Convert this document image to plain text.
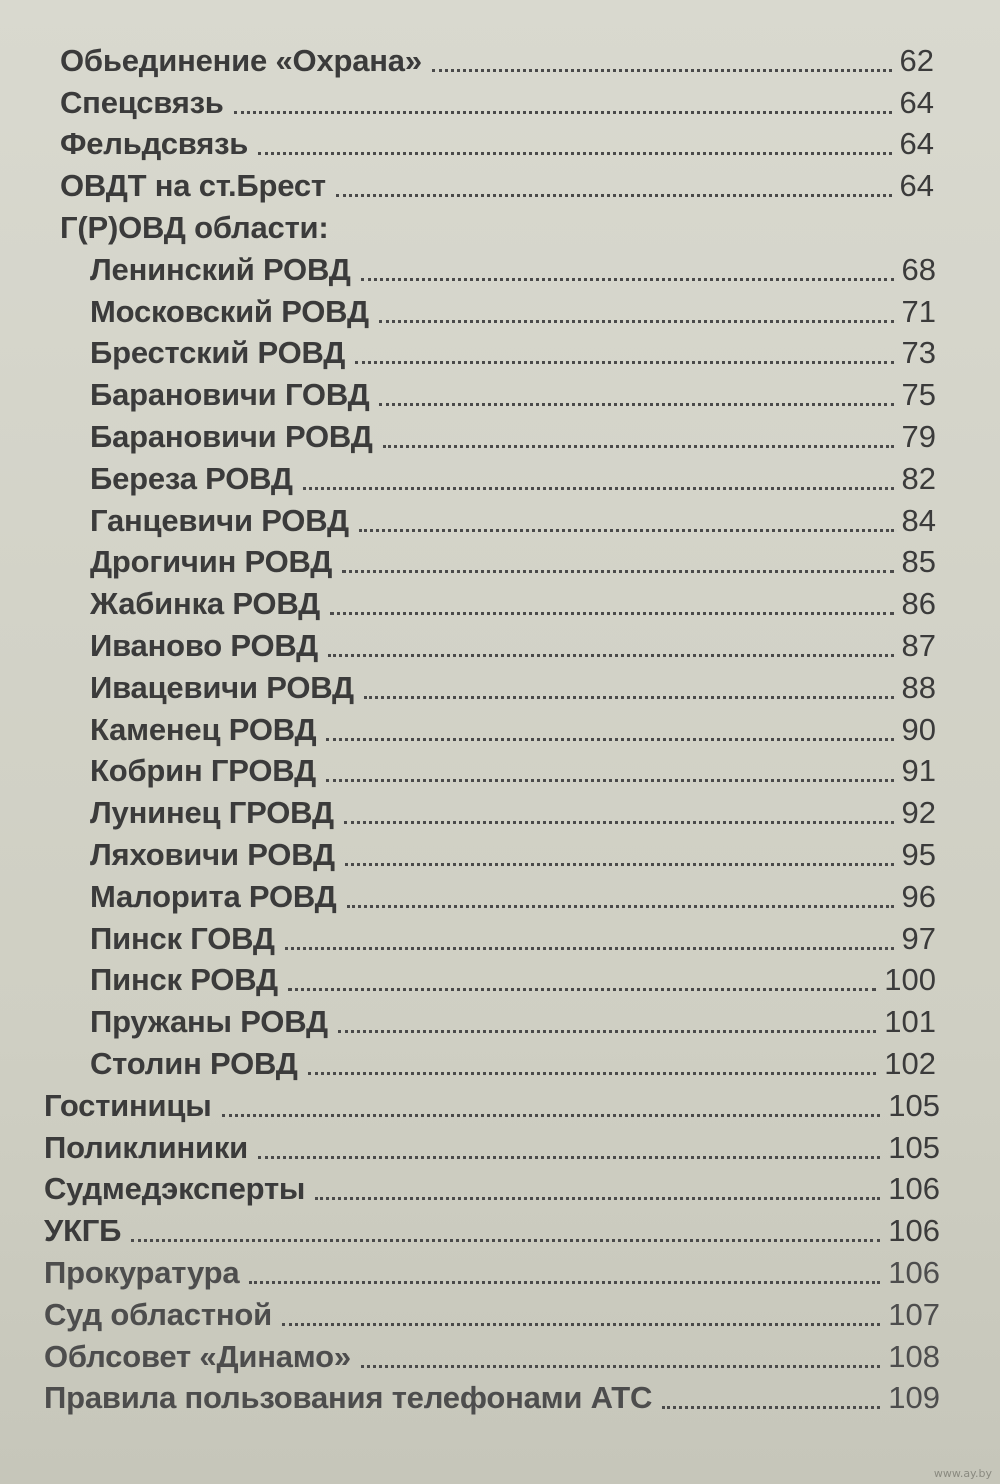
Обьединение «Охрана»	62
Спецсвязь	64
Фельдсвязь	64
ОВДТ на ст.Брест	64
Г(Р)ОВД области:
Ленинский РОВД	68
Московский РОВД	71
Брестский РОВД	73
Барановичи ГОВД	75
Барановичи РОВД	79
Береза РОВД	82
Ганцевичи РОВД	84
Дрогичин РОВД	85
Жабинка РОВД	86
Иваново РОВД	87
Ивацевичи РОВД	88
Каменец РОВД	90
Кобрин ГРОВД	91
Лунинец ГРОВД	92
Ляховичи РОВД	95
Малорита РОВД	96
Пинск ГОВД	97
Пинск РОВД	100
Пружаны РОВД	101
Столин РОВД	102
Гостиницы	105
Поликлиники	105
Судмедэксперты	106
УКГБ	106
Прокуратура	106
Суд областной	107
Облсовет «Динамо»	108
Правила пользования телефонами АТС	109
www.ay.by
